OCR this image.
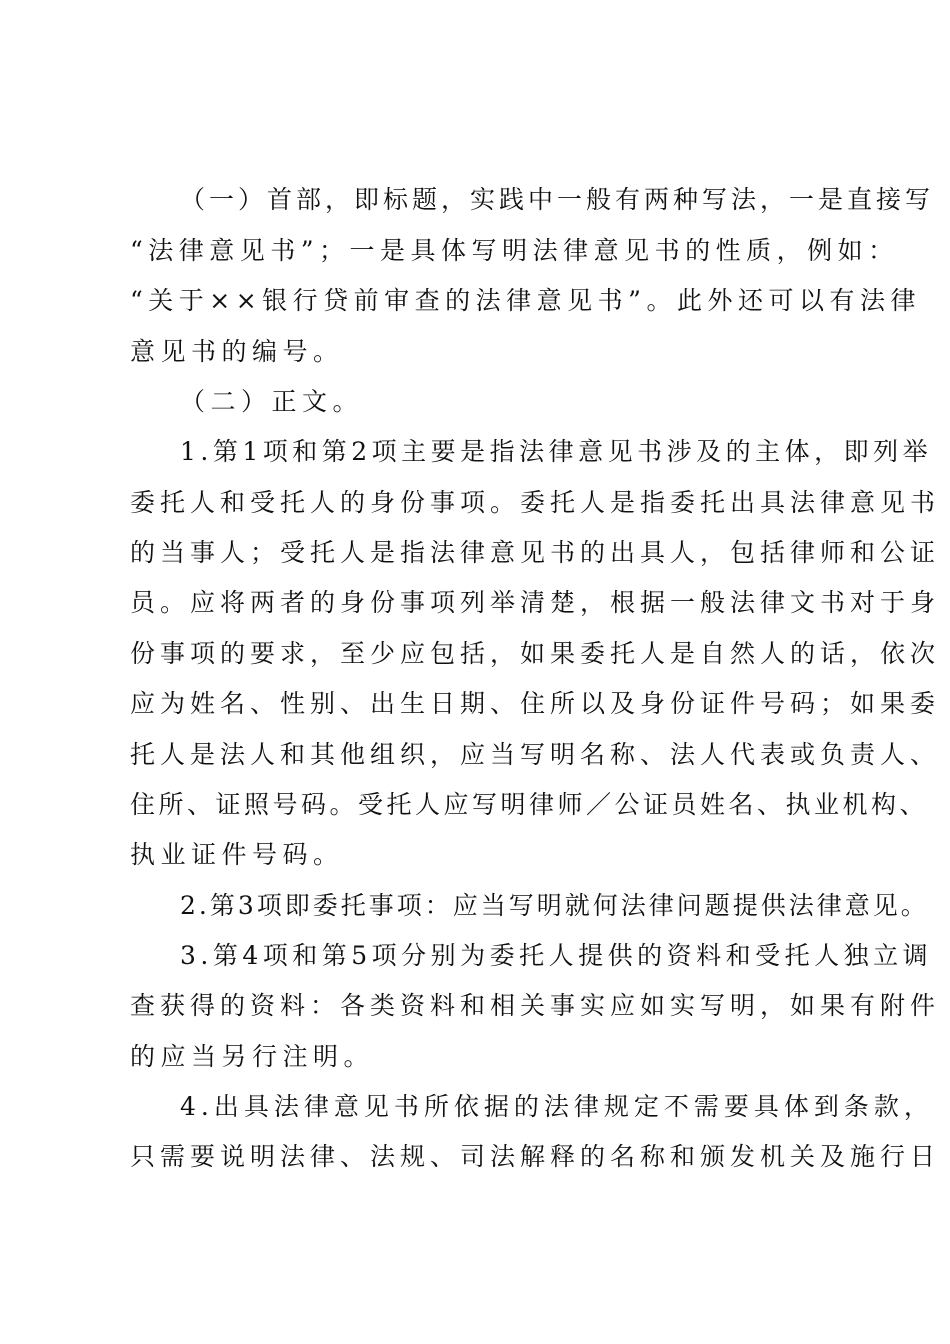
（一）首部，即标题，实践中一般有两种写法，一是直接写
“法律意见书”；一是具体写明法律意见书的性质，例如：
“关于××银行贷前审查的法律意见书”。此外还可以有法律
意见书的编号。
（二）正文。
1.第1项和第2项主要是指法律意见书涉及的主体，即列举
委托人和受托人的身份事项。委托人是指委托出具法律意见书
的当事人；受托人是指法律意见书的出具人，包括律师和公证
员。应将两者的身份事项列举清楚，根据一般法律文书对于身
份事项的要求，至少应包括，如果委托人是自然人的话，依次
应为姓名、性别、出生日期、住所以及身份证件号码；如果委
托人是法人和其他组织，应当写明名称、法人代表或负责人、
住所、证照号码。受托人应写明律师／公证员姓名、执业机构、
执业证件号码。
2.第3项即委托事项：应当写明就何法律问题提供法律意见。
3.第4项和第5项分别为委托人提供的资料和受托人独立调
查获得的资料：各类资料和相关事实应如实写明，如果有附件
的应当另行注明。
4.出具法律意见书所依据的法律规定不需要具体到条款，
只需要说明法律、法规、司法解释的名称和颁发机关及施行日
